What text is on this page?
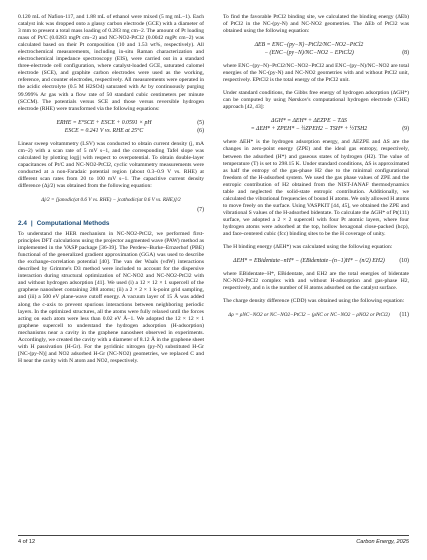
0.120 mL of Nafion-117, and 1.88 mL of ethanol were mixed (5 mg mL−1). Each catalyst ink was dropped onto a glassy carbon electrode (GCE) with a diameter of 3 mm to present a total mass loading of 0.283 mg cm−2. The amount of Pt loading mass of Pt/C (0.0283 mgPt cm−2) and NC-NO2-PtCl2 (0.0042 mgPt cm−2) was calculated based on their Pt composition (10 and 1.53 wt%, respectively). All electrochemical measurements, including in-situ Raman characterization and electrochemical impedance spectroscopy (EIS), were carried out in a standard three-electrode cell configuration, where catalyst-loaded GCE, saturated calomel electrode (SCE), and graphite carbon electrodes were used as the working, reference, and counter electrodes, respectively. All measurements were operated in the acidic electrolyte (0.5 M H2SO4) saturated with Ar by continuously purging 99.999% Ar gas with a flow rate of 50 standard cubic centimeters per minute (SCCM). The potentials versus SCE and those versus reversible hydrogen electrode (RHE) were transformed via the following equations:

ERHE = E°SCE + ESCE + 0.0591 × pH	(5)
ESCE = 0.241 V vs. RHE at 25°C	(6)

Linear sweep voltammetry (LSV) was conducted to obtain current density (j, mA cm−2) with a scan rate of 5 mV s−1, and the corresponding Tafel slope was calculated by plotting log|j| with respect to overpotential. To obtain double-layer capacitances of Pt/C and NC-NO2-PtCl2, cyclic voltammetry measurements were conducted at a non-Faradaic potential region (about 0.3–0.9 V vs. RHE) at different scan rates from 20 to 100 mV s−1. The capacitive current density difference (Δj/2) was obtained from the following equation:

Δj/2 = [janodic(at 0.6 V vs. RHE) − jcathodic(at 0.6 V vs. RHE)]/2
(7)
2.4 | Computational Methods

To understand the HER mechanism in NC-NO2-PtCl2, we performed first-principles DFT calculations using the projector augmented wave (PAW) method as implemented in the VASP package [36-39]. The Perdew–Burke–Ernzerhof (PBE) functional of the generalized gradient approximation (GGA) was used to describe the exchange-correlation potential [40]. The van der Waals (vdW) interactions described by Grimme's D3 method were included to account for the dispersive interaction during structural optimization of NC-NO2 and NC-NO2-PtCl2 with and without hydrogen adsorption [41]. We used (i) a 12 × 12 × 1 supercell of the graphene nanosheet containing 288 atoms; (ii) a 2 × 2 × 1 k-point grid sampling, and (iii) a 500 eV plane-wave cutoff energy. A vacuum layer of 15 Å was added along the c-axis to prevent spurious interactions between neighboring periodic layers. In the optimized structures, all the atoms were fully relaxed until the forces acting on each atom were less than 0.02 eV Å−1. We adopted the 12 × 12 × 1 graphene supercell to understand the hydrogen adsorption (H-adsorption) mechanisms near a cavity in the graphene nanosheet observed in experiments. Accordingly, we created the cavity with a diameter of 8.12 Å in the graphene sheet with H passivation (H-Gr). For the pyridinic nitrogen (py-N) substituted H-Gr [NC-(py-N)] and NO2 adsorbed H-Gr (NC-NO2) geometries, we replaced C and H near the cavity with N atom and NO2, respectively.

To find the favorable PtCl2 binding site, we calculated the binding energy (ΔEb) of PtCl2 in the NC-(py-N) and NC-NO2 geometries. The ΔEb of PtCl2 was obtained using the following equation:

ΔEB = ENC−(py−N)−PtCl2/NC−NO2−PtCl2
− (ENC−(py−N)/NC−NO2 − EPtCl2)	(8)

where ENC−(py−N)−PtCl2/NC−NO2−PtCl2 and ENC−(py−N)/NC−NO2 are total energies of the NC-(py-N) and NC-NO2 geometries with and without PtCl2 unit, respectively. EPtCl2 is the total energy of the PtCl2 unit.

Under standard conditions, the Gibbs free energy of hydrogen adsorption (ΔGH*) can be computed by using Nørskov's computational hydrogen electrode (CHE) approach [42, 43]:

ΔGH* = ΔEH* + ΔEZPE − TΔS
= ΔEH* + ZPEH* − ½ZPEH2 − TSH* + ½TSH2	(9)

where ΔEH* is the hydrogen adsorption energy, and ΔEZPE and ΔS are the changes in zero-point energy (ZPE) and the ideal gas entropy, respectively, between the adsorbed (H*) and gaseous states of hydrogen (H2). The value of temperature (T) is set to 298.15 K. Under standard conditions, ΔS is approximated as half the entropy of the gas-phase H2 due to the minimal configurational freedom of the H-adsorbed system. We used the gas phase values of ZPE and the entropic contribution of H2 obtained from the NIST-JANAF thermodynamics table and neglected the solid-state entropic contribution. Additionally, we calculated the vibrational frequencies of bound H atoms. We only allowed H atoms to move freely on the surface. Using VASPKIT [44, 45], we obtained the ZPE and vibrational S values of the H-adsorbed bidentate. To calculate the ΔGH* of Pt(111) surface, we adopted a 2 × 2 supercell with four Pt atomic layers, where four hydrogen atoms were adsorbed at the top, hollow hexagonal close-packed (hcp), and face-centered cubic (fcc) binding sites to be the H coverage of unity.

The H binding energy (ΔEH*) was calculated using the following equation:

ΔEH* = EBidentate−nH* − (EBidentate−(n−1)H* − (n/2) EH2)	(10)

where EBidentate−H*, EBidentate, and EH2 are the total energies of bidentate NC-NO2-PtCl2 complex with and without H-adsorption and gas-phase H2, respectively, and n is the number of H atoms adsorbed on the catalyst surface.

The charge density difference (CDD) was obtained using the following equation:

Δρ = ρNC−NO2 or NC−NO2−PtCl2 − (ρNC or NC−NO2 − ρNO2 or PtCl2)	(11)
4 of 12	Carbon Energy, 2025
